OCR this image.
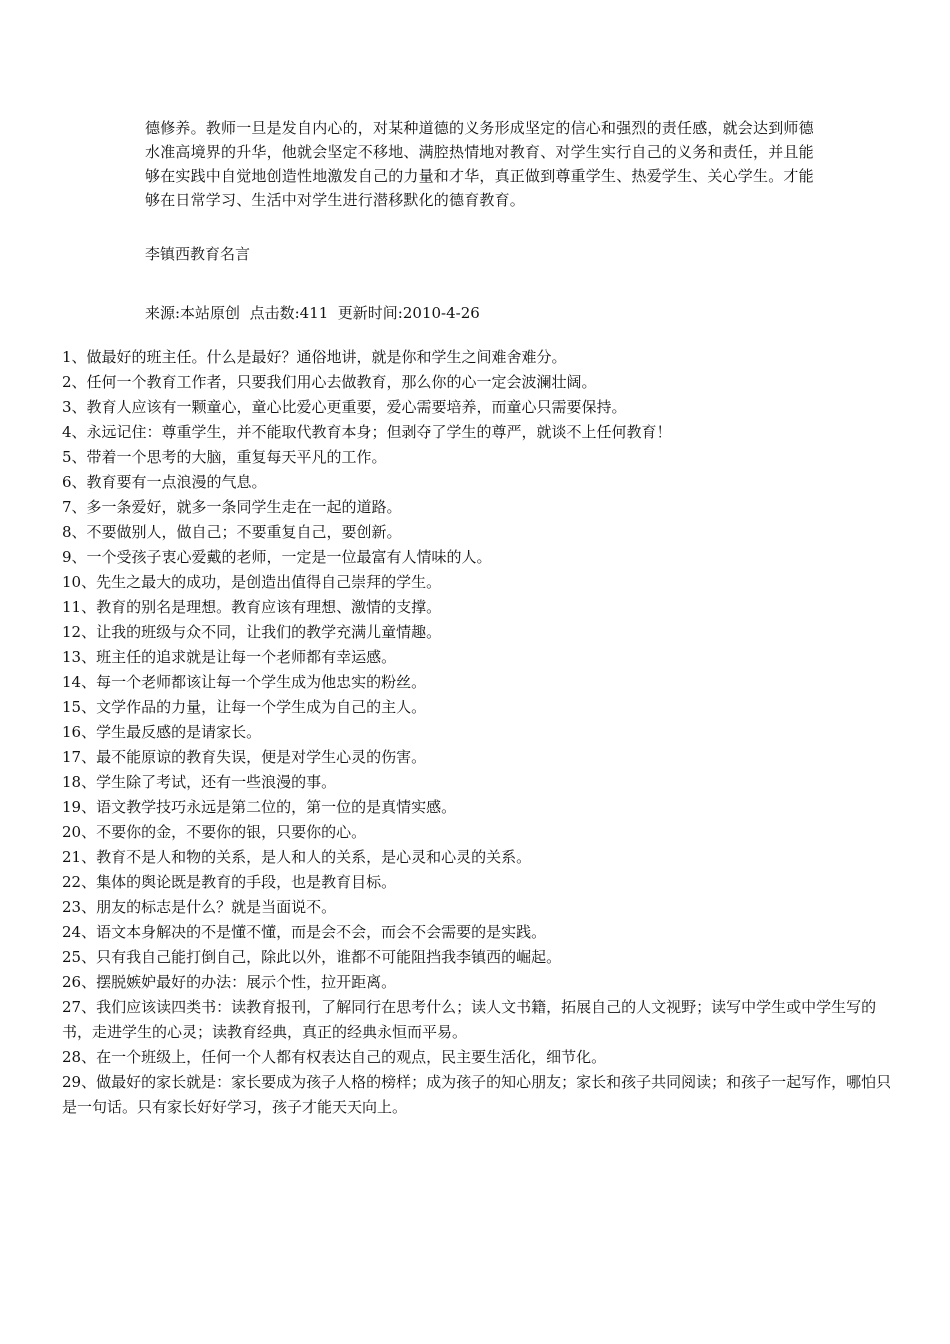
德修养。教师一旦是发自内心的，对某种道德的义务形成坚定的信心和强烈的责任感，就会达到师德水准高境界的升华，他就会坚定不移地、满腔热情地对教育、对学生实行自己的义务和责任，并且能够在实践中自觉地创造性地激发自己的力量和才华，真正做到尊重学生、热爱学生、关心学生。才能够在日常学习、生活中对学生进行潜移默化的德育教育。

李镇西教育名言
来源:本站原创  点击数:411  更新时间:2010-4-26
1、做最好的班主任。什么是最好？通俗地讲，就是你和学生之间难舍难分。
2、任何一个教育工作者，只要我们用心去做教育，那么你的心一定会波澜壮阔。
3、教育人应该有一颗童心，童心比爱心更重要，爱心需要培养，而童心只需要保持。
4、永远记住：尊重学生，并不能取代教育本身；但剥夺了学生的尊严，就谈不上任何教育！
5、带着一个思考的大脑，重复每天平凡的工作。
6、教育要有一点浪漫的气息。
7、多一条爱好，就多一条同学生走在一起的道路。
8、不要做别人，做自己；不要重复自己，要创新。
9、一个受孩子衷心爱戴的老师，一定是一位最富有人情味的人。
10、先生之最大的成功，是创造出值得自己崇拜的学生。
11、教育的别名是理想。教育应该有理想、激情的支撑。
12、让我的班级与众不同，让我们的教学充满儿童情趣。
13、班主任的追求就是让每一个老师都有幸运感。
14、每一个老师都该让每一个学生成为他忠实的粉丝。
15、文学作品的力量，让每一个学生成为自己的主人。
16、学生最反感的是请家长。
17、最不能原谅的教育失误，便是对学生心灵的伤害。
18、学生除了考试，还有一些浪漫的事。
19、语文教学技巧永远是第二位的，第一位的是真情实感。
20、不要你的金，不要你的银，只要你的心。
21、教育不是人和物的关系，是人和人的关系，是心灵和心灵的关系。
22、集体的舆论既是教育的手段，也是教育目标。
23、朋友的标志是什么？就是当面说不。
24、语文本身解决的不是懂不懂，而是会不会，而会不会需要的是实践。
25、只有我自己能打倒自己，除此以外，谁都不可能阻挡我李镇西的崛起。
26、摆脱嫉妒最好的办法：展示个性，拉开距离。
27、我们应该读四类书：读教育报刊，了解同行在思考什么；读人文书籍，拓展自己的人文视野；读写中学生或中学生写的书，走进学生的心灵；读教育经典，真正的经典永恒而平易。
28、在一个班级上，任何一个人都有权表达自己的观点，民主要生活化，细节化。
29、做最好的家长就是：家长要成为孩子人格的榜样；成为孩子的知心朋友；家长和孩子共同阅读；和孩子一起写作，哪怕只是一句话。只有家长好好学习，孩子才能天天向上。
